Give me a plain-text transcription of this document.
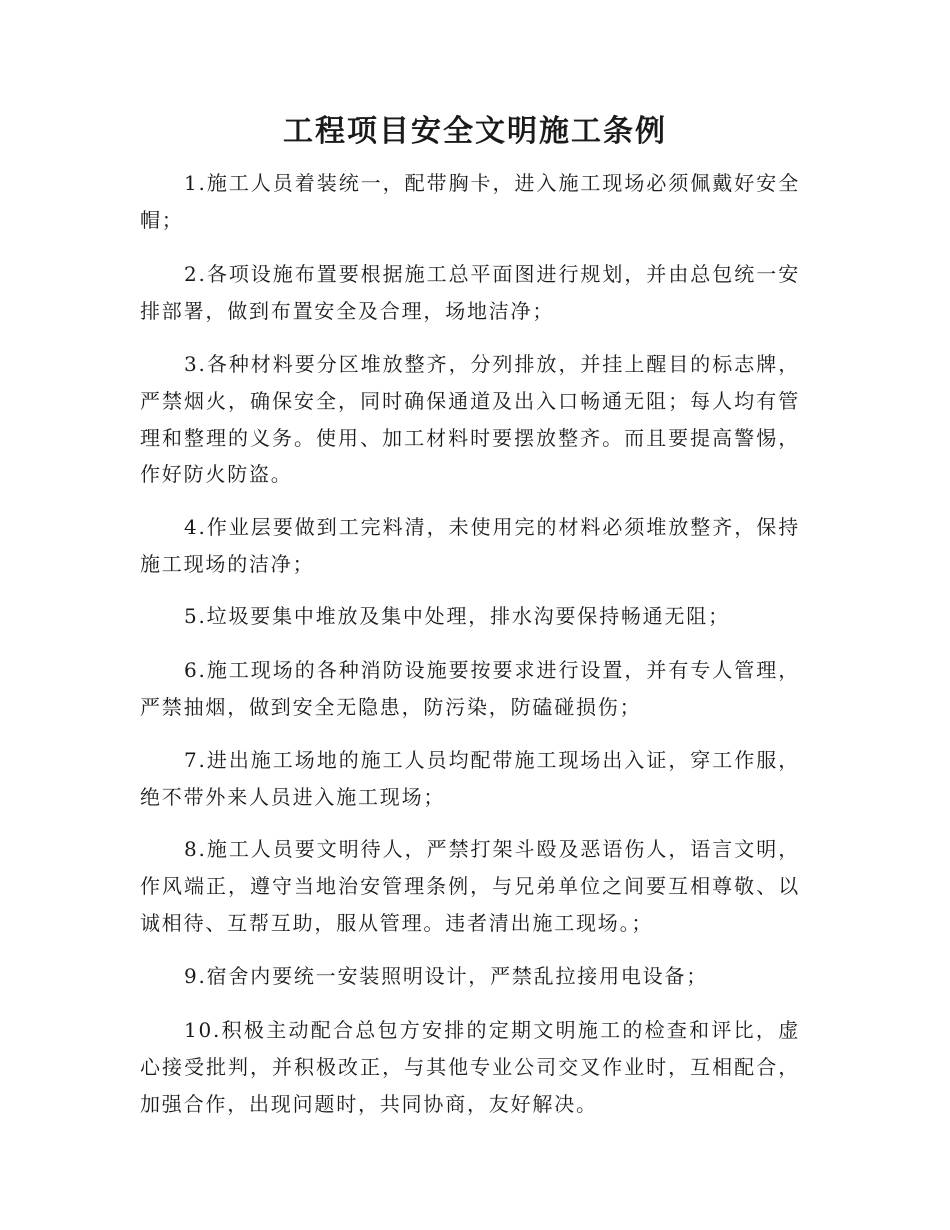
工程项目安全文明施工条例

1.施工人员着装统一，配带胸卡，进入施工现场必须佩戴好安全帽；

2.各项设施布置要根据施工总平面图进行规划，并由总包统一安排部署，做到布置安全及合理，场地洁净；

3.各种材料要分区堆放整齐，分列排放，并挂上醒目的标志牌，严禁烟火，确保安全，同时确保通道及出入口畅通无阻；每人均有管理和整理的义务。使用、加工材料时要摆放整齐。而且要提高警惕，作好防火防盗。

4.作业层要做到工完料清，未使用完的材料必须堆放整齐，保持施工现场的洁净；

5.垃圾要集中堆放及集中处理，排水沟要保持畅通无阻；

6.施工现场的各种消防设施要按要求进行设置，并有专人管理，严禁抽烟，做到安全无隐患，防污染，防磕碰损伤；

7.进出施工场地的施工人员均配带施工现场出入证，穿工作服，绝不带外来人员进入施工现场；

8.施工人员要文明待人，严禁打架斗殴及恶语伤人，语言文明，作风端正，遵守当地治安管理条例，与兄弟单位之间要互相尊敬、以诚相待、互帮互助，服从管理。违者清出施工现场。；

9.宿舍内要统一安装照明设计，严禁乱拉接用电设备；

10.积极主动配合总包方安排的定期文明施工的检查和评比，虚心接受批判，并积极改正，与其他专业公司交叉作业时，互相配合，加强合作，出现问题时，共同协商，友好解决。
